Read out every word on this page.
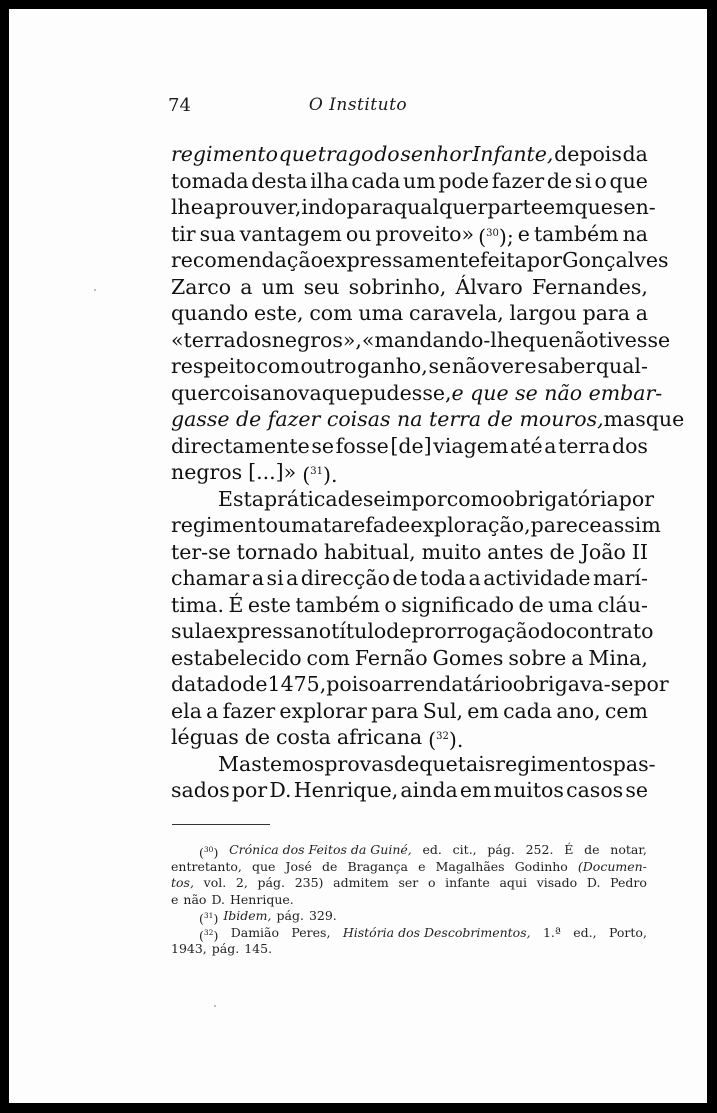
74	O Instituto
regimento que trago do senhor Infante, depois da
tomada desta ilha cada um pode fazer de si o que
lhe aprouver, indo para qualquer parte em que sen-
tir sua vantagem ou proveito» ($^{30}$); e também na
recomendação expressamente feita por Gonçalves
Zarco a um seu sobrinho, Álvaro Fernandes,
quando este, com uma caravela, largou para a
«terra dos negros», «mandando-lhe que não tivesse
respeito com outro ganho, se não ver e saber qual-
quer coisa nova que pudesse, e que se não embar-
gasse de fazer coisas na terra de mouros, mas que
directamente se fosse [de] viagem até a terra dos
negros [...]» ($^{31}$).
Esta prática de se impor como obrigatória por
regimento uma tarefa de exploração, parece assim
ter-se tornado habitual, muito antes de João II
chamar a si a direcção de toda a actividade marí-
tima. É este também o significado de uma cláu-
sula expressa no título de prorrogação do contrato
estabelecido com Fernão Gomes sobre a Mina,
datado de 1475, pois o arrendatário obrigava-se por
ela a fazer explorar para Sul, em cada ano, cem
léguas de costa africana ($^{32}$).
Mas temos provas de que tais regimentos pas-
sados por D. Henrique, ainda em muitos casos se
($^{30}$) Crónica dos Feitos da Guiné, ed. cit., pág. 252. É de notar,
entretanto, que José de Bragança e Magalhães Godinho (Documen-
tos, vol. 2, pág. 235) admitem ser o infante aqui visado D. Pedro
e não D. Henrique.
($^{31}$) Ibidem, pág. 329.
($^{32}$) Damião Peres, História dos Descobrimentos, 1.ª ed., Porto,
1943, pág. 145.
